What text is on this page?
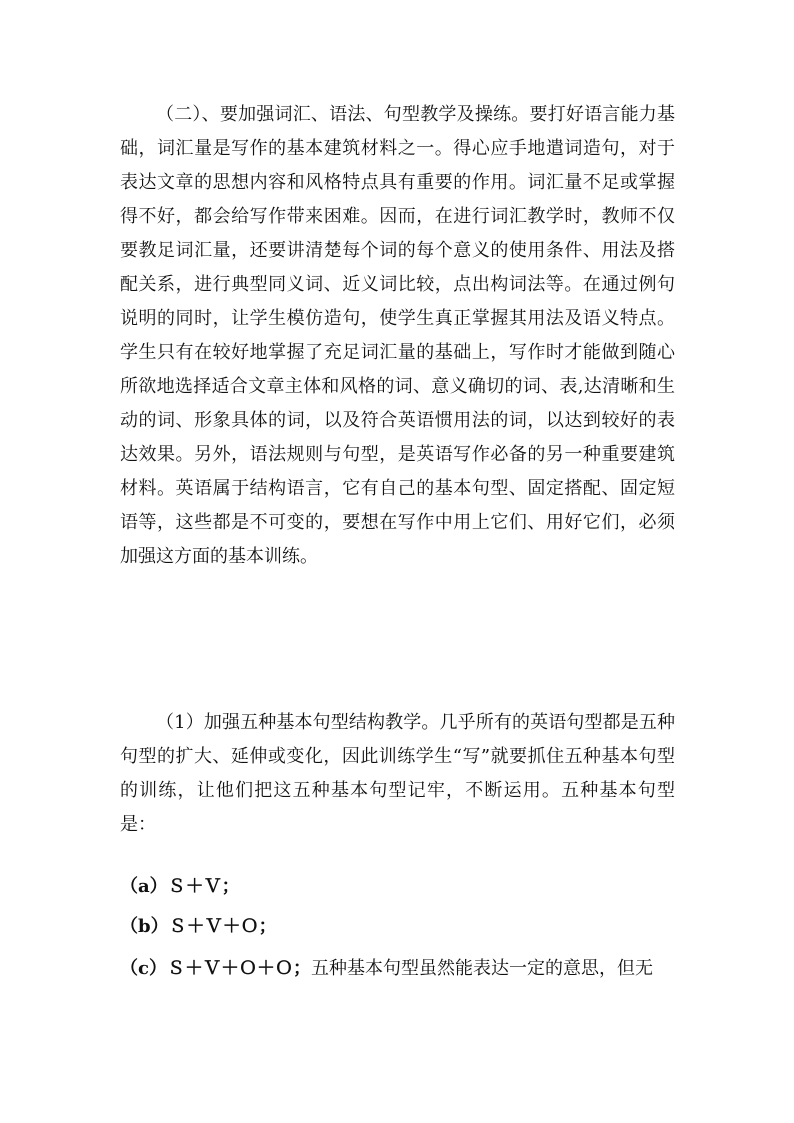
（二）、要加强词汇、语法、句型教学及操练。要打好语言能力基础，词汇量是写作的基本建筑材料之一。得心应手地遣词造句，对于表达文章的思想内容和风格特点具有重要的作用。词汇量不足或掌握得不好，都会给写作带来困难。因而，在进行词汇教学时，教师不仅要教足词汇量，还要讲清楚每个词的每个意义的使用条件、用法及搭配关系，进行典型同义词、近义词比较，点出构词法等。在通过例句说明的同时，让学生模仿造句，使学生真正掌握其用法及语义特点。学生只有在较好地掌握了充足词汇量的基础上，写作时才能做到随心所欲地选择适合文章主体和风格的词、意义确切的词、表,达清晰和生动的词、形象具体的词，以及符合英语惯用法的词，以达到较好的表达效果。另外，语法规则与句型，是英语写作必备的另一种重要建筑材料。英语属于结构语言，它有自己的基本句型、固定搭配、固定短语等，这些都是不可变的，要想在写作中用上它们、用好它们，必须加强这方面的基本训练。

（1）加强五种基本句型结构教学。几乎所有的英语句型都是五种句型的扩大、延伸或变化，因此训练学生“写”就要抓住五种基本句型的训练，让他们把这五种基本句型记牢，不断运用。五种基本句型是：

（a）Ｓ＋Ｖ；
（b）Ｓ＋Ｖ＋Ｏ；
（c）Ｓ＋Ｖ＋Ｏ＋Ｏ；五种基本句型虽然能表达一定的意思，但无
